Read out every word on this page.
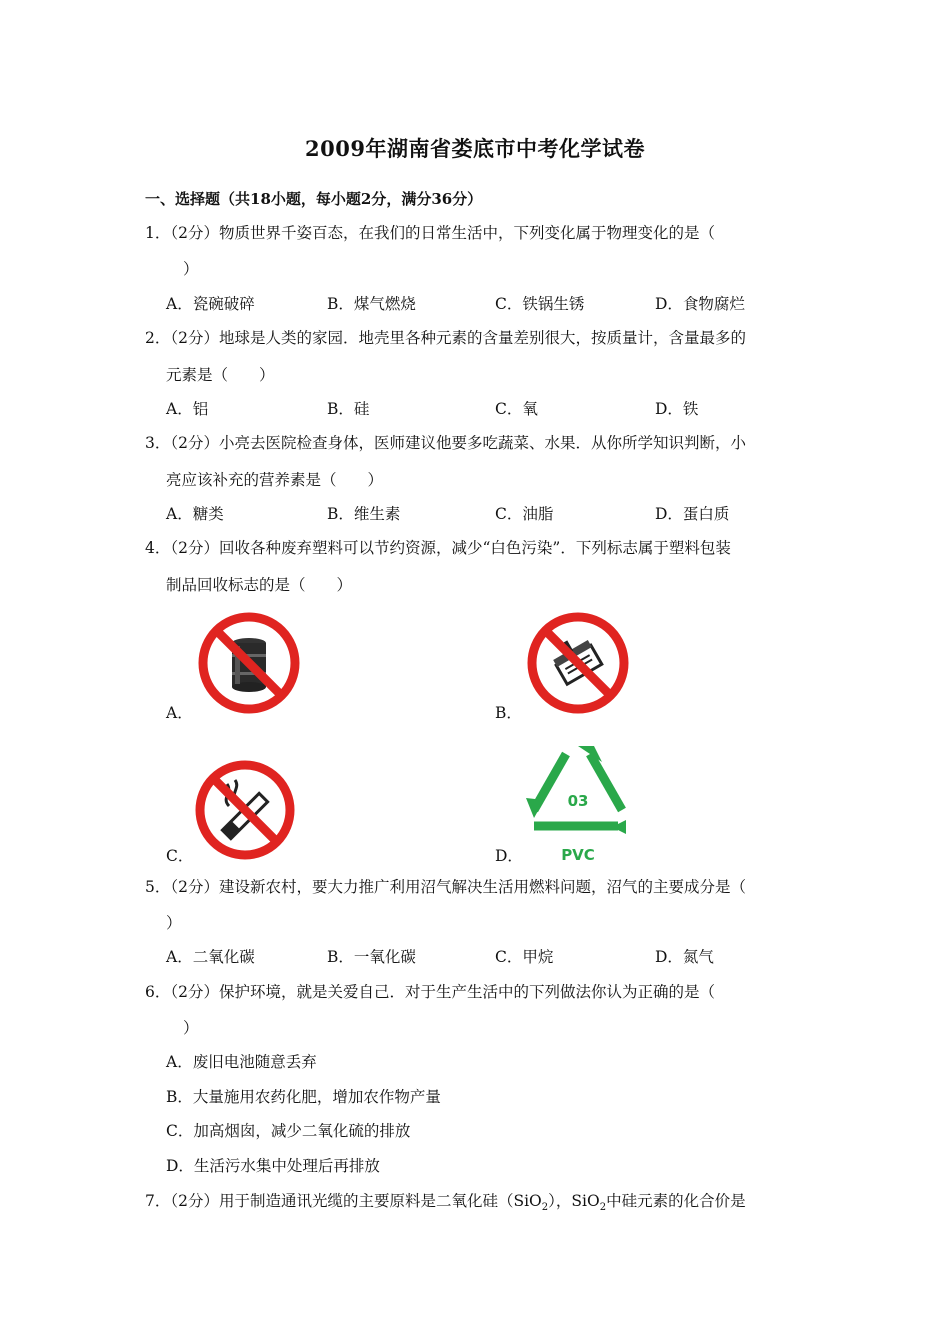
2009年湖南省娄底市中考化学试卷
一、选择题（共18小题，每小题2分，满分36分）
1．（2分）物质世界千姿百态，在我们的日常生活中，下列变化属于物理变化的是（
）
A．瓷碗破碎	B．煤气燃烧	C．铁锅生锈	D．食物腐烂
2．（2分）地球是人类的家园．地壳里各种元素的含量差别很大，按质量计，含量最多的
元素是（　　）
A．铝	B．硅	C．氧	D．铁
3．（2分）小亮去医院检查身体，医师建议他要多吃蔬菜、水果．从你所学知识判断，小
亮应该补充的营养素是（　　）
A．糖类	B．维生素	C．油脂	D．蛋白质
4．（2分）回收各种废弃塑料可以节约资源，减少“白色污染”．下列标志属于塑料包装
制品回收标志的是（　　）
A．	B．
C．	D．
03
PVC
5．（2分）建设新农村，要大力推广利用沼气解决生活用燃料问题，沼气的主要成分是（
）
A．二氧化碳	B．一氧化碳	C．甲烷	D．氮气
6．（2分）保护环境，就是关爱自己．对于生产生活中的下列做法你认为正确的是（
）
A．废旧电池随意丢弃
B．大量施用农药化肥，增加农作物产量
C．加高烟囱，减少二氧化硫的排放
D．生活污水集中处理后再排放
7．（2分）用于制造通讯光缆的主要原料是二氧化硅（SiO$_2$），SiO$_2$中硅元素的化合价是
